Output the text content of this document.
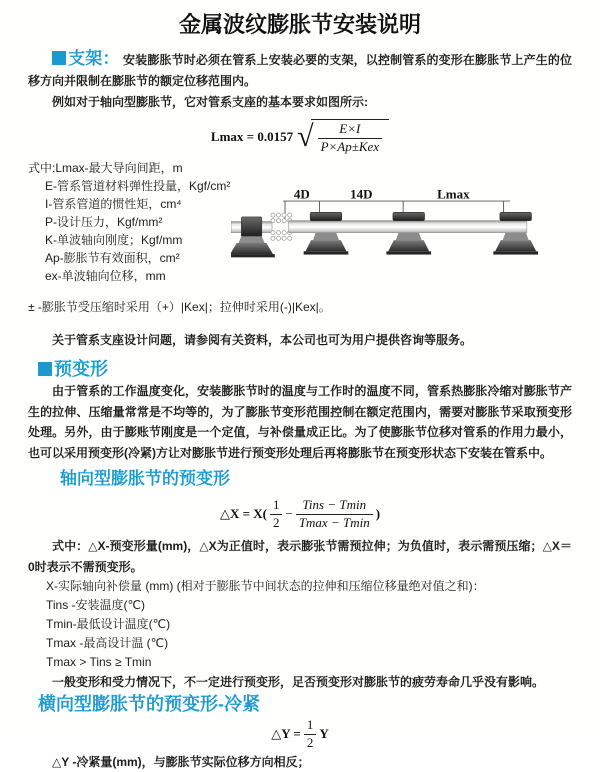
金属波纹膨胀节安装说明

支架： 安装膨胀节时必须在管系上安装必要的支架，以控制管系的变形在膨胀节上产生的位移方向并限制在膨胀节的额定位移范围内。

例如对于轴向型膨胀节，它对管系支座的基本要求如图所示:

Lmax = 0.0157 √ $\frac{E\times I}{\text{P×Ap±Kex}}$
式中:Lmax-最大导向间距，m
E-管系管道材料弹性投量，Kgf/cm²
I-管系管道的惯性矩，cm⁴
P-设计压力，Kgf/mm²
K-单波轴向刚度；Kgf/mm
Ap-膨胀节有效面积，cm²
ex-单波轴向位移，mm
4D	14D	Lmax

± -膨胀节受压缩时采用（+）|Kex|；拉伸时采用(-)|Kex|。

关于管系支座设计问题，请参阅有关资料，本公司也可为用户提供咨询等服务。

预变形

由于管系的工作温度变化，安装膨胀节时的温度与工作时的温度不同，管系热膨胀冷缩对膨胀节产生的拉伸、压缩量常常是不均等的，为了膨胀节变形范围控制在额定范围内，需要对膨胀节采取预变形处理。另外，由于膨账节刚度是一个定值，与补偿量成正比。为了使膨胀节位移对管系的作用力最小，也可以采用预变形(冷紧)方让对膨胀节进行预变形处理后再将膨胀节在预变形状态下安装在管系中。

轴向型膨胀节的预变形
△X = $X( \frac{1}{2} - \frac{\text{Tins − Tmin}}{Tmax - Tmin}$ )

式中：△X-预变形量(mm)，△X为正值时，表示膨张节需预拉伸；为负值时，表示需预压缩；△X＝0时表示不需预变形。

X-实际轴向补偿量 (mm) (相对于膨胀节中间状态的拉伸和压缩位移量绝对值之和)：
Tins -安装温度(℃)
Tmin-最低设计温度(℃)
Tmax -最高设计温 (℃)
Tmax > Tins ≥ Tmin

一般变形和受力情况下，不一定进行预变形，足否预变形对膨胀节的疲劳寿命几乎没有影响。

横向型膨胀节的预变形-冷紧
△Y = $\frac{1}{2}$ Y

△Y -冷紧量(mm)，与膨胀节实际位移方向相反；
